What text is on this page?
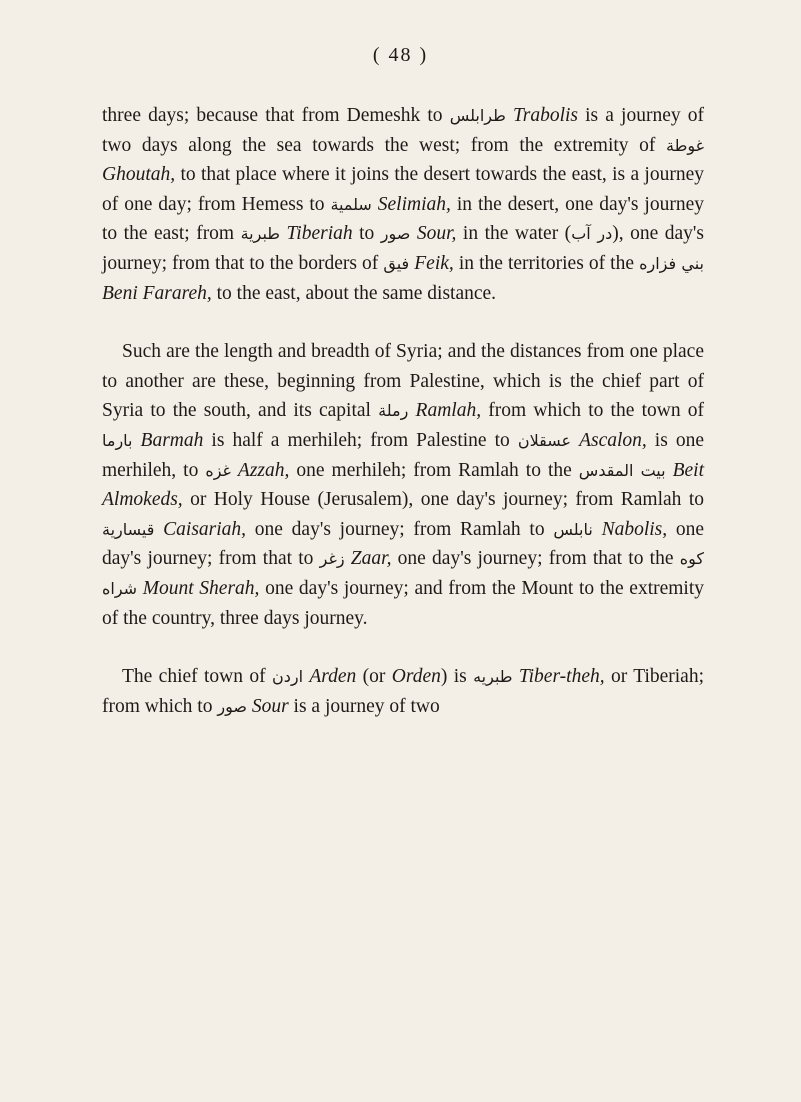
( 48 )

three days; because that from Demeshk to طرابلس Trabolis is a journey of two days along the sea towards the west; from the extremity of غوطة Ghoutah, to that place where it joins the desert towards the east, is a journey of one day; from Hemess to سلمية Selimiah, in the desert, one day's journey to the east; from طبرية Tiberiah to صور Sour, in the water (در آب), one day's journey; from that to the borders of فيق Feik, in the territories of the بني فزاره Beni Farareh, to the east, about the same distance.

Such are the length and breadth of Syria; and the distances from one place to another are these, beginning from Palestine, which is the chief part of Syria to the south, and its capital رملة Ramlah, from which to the town of بارما Barmah is half a merhileh; from Palestine to عسقلان Ascalon, is one merhileh, to غزه Azzah, one merhileh; from Ramlah to the بيت المقدس Beit Almokeds, or Holy House (Jerusalem), one day's journey; from Ramlah to قيسارية Caisariah, one day's journey; from Ramlah to نابلس Nabolis, one day's journey; from that to زغر Zaar, one day's journey; from that to the كوه شراه Mount Sherah, one day's journey; and from the Mount to the extremity of the country, three days journey.

The chief town of اردن Arden (or Orden) is طبريه Tiber-theh, or Tiberiah; from which to صور Sour is a journey of two
